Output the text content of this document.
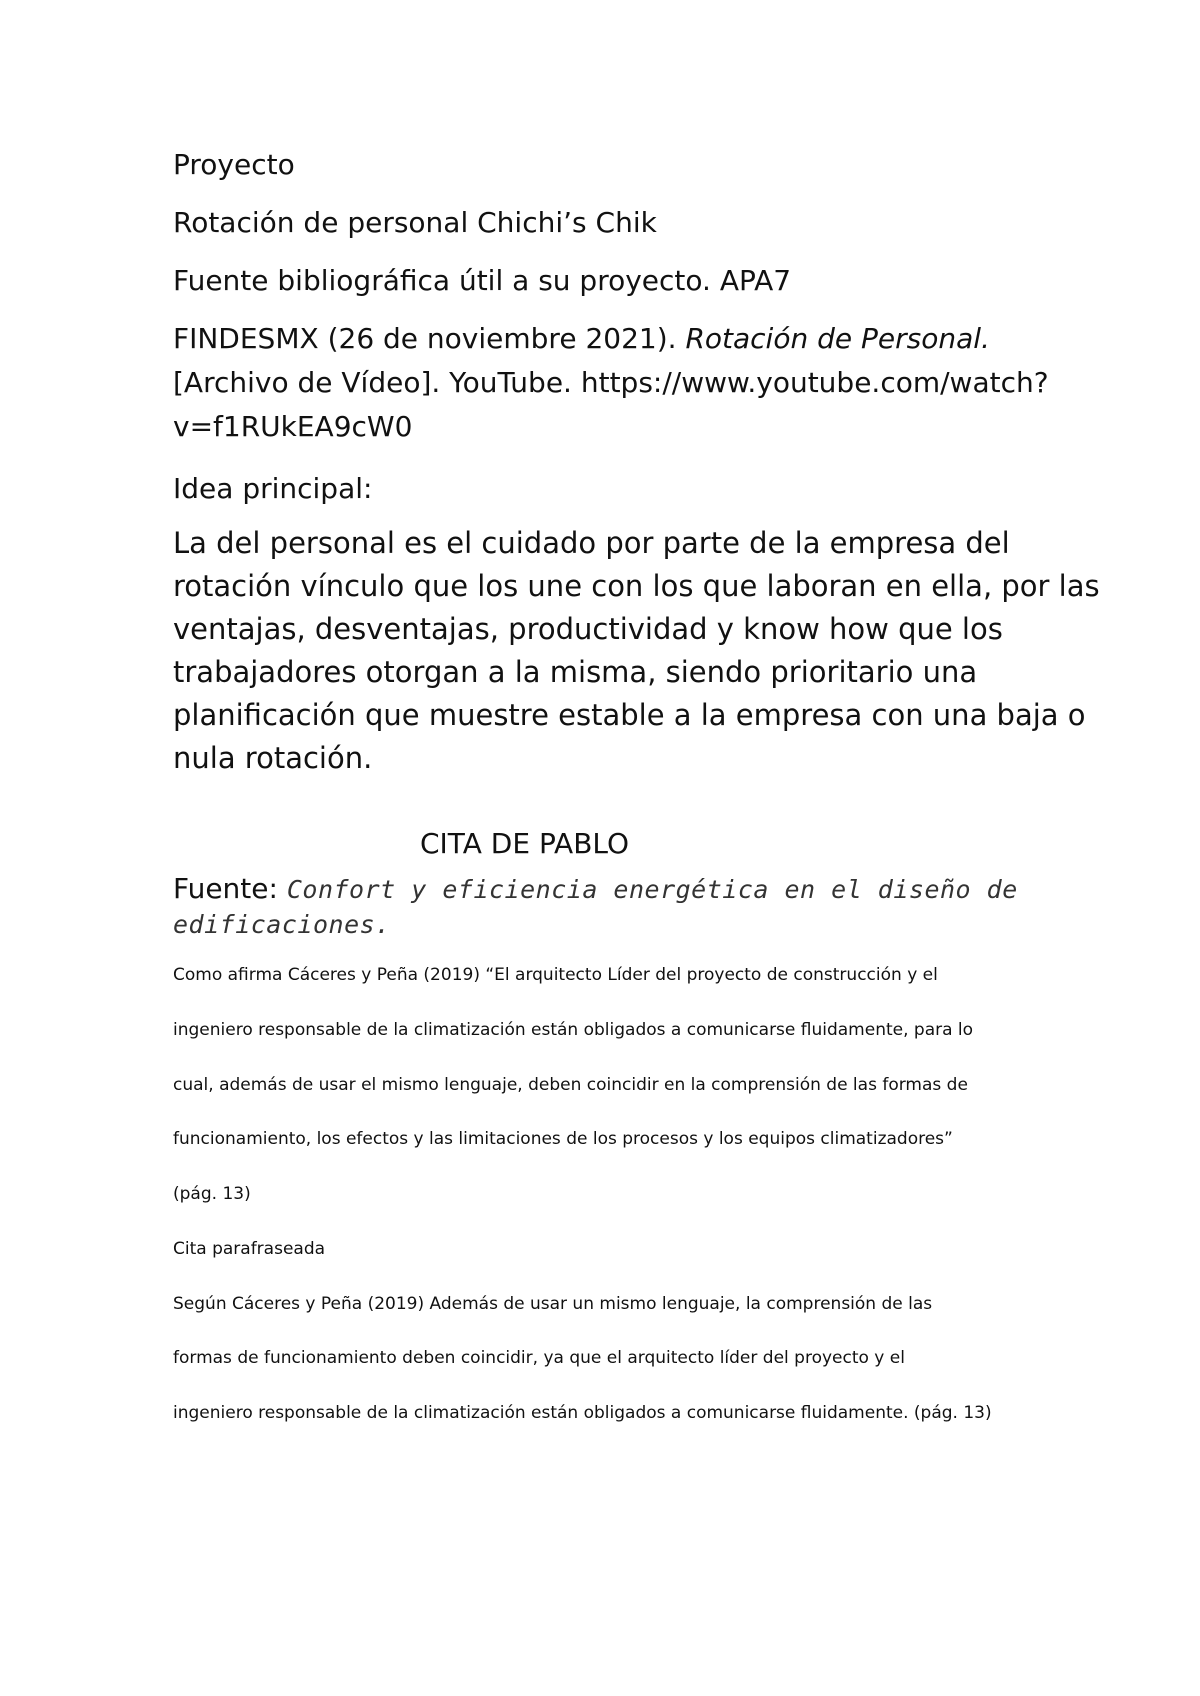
Proyecto

Rotación de personal Chichi’s Chik

Fuente bibliográfica útil a su proyecto. APA7

FINDESMX (26 de noviembre 2021). Rotación de Personal.

[Archivo de Vídeo]. YouTube. https://www.youtube.com/watch?

v=f1RUkEA9cW0

Idea principal:

La del personal es el cuidado por parte de la empresa del

rotación vínculo que los une con los que laboran en ella, por las

ventajas, desventajas, productividad y know how que los

trabajadores otorgan a la misma, siendo prioritario una

planificación que muestre estable a la empresa con una baja o

nula rotación.

CITA DE PABLO

Fuente: Confort y eficiencia energética en el diseño de

edificaciones.

Como afirma Cáceres y Peña (2019) “El arquitecto Líder del proyecto de construcción y el

ingeniero responsable de la climatización están obligados a comunicarse fluidamente, para lo

cual, además de usar el mismo lenguaje, deben coincidir en la comprensión de las formas de

funcionamiento, los efectos y las limitaciones de los procesos y los equipos climatizadores”

(pág. 13)

Cita parafraseada

Según Cáceres y Peña (2019) Además de usar un mismo lenguaje, la comprensión de las

formas de funcionamiento deben coincidir, ya que el arquitecto líder del proyecto y el

ingeniero responsable de la climatización están obligados a comunicarse fluidamente. (pág. 13)
